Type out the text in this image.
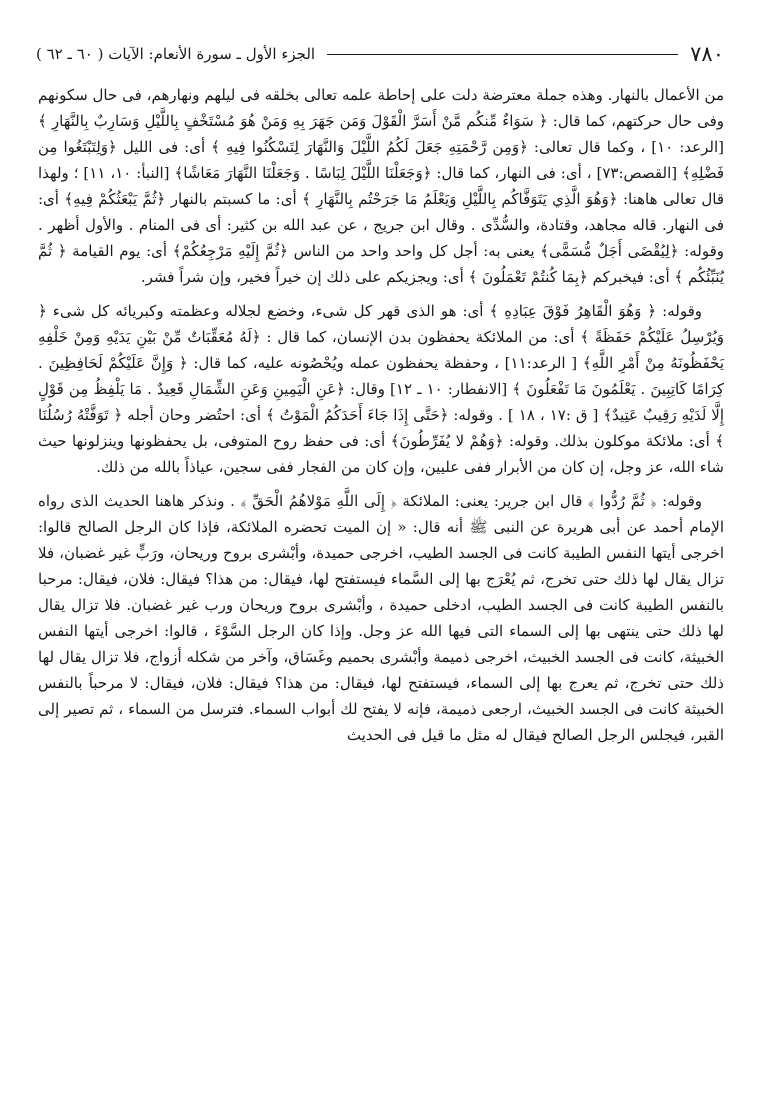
٧٨٠
الجزء الأول ـ سورة الأنعام: الآيات ( ٦٠ ـ ٦٢ )

من الأعمال بالنهار. وهذه جملة معترضة دلت على إحاطة علمه تعالى بخلقه فى ليلهم ونهارهم، فى حال سكونهم وفى حال حركتهم، كما قال: ﴿ سَوَاءٌ مِّنكُم مَّنْ أَسَرَّ الْقَوْلَ وَمَن جَهَرَ بِهِ وَمَنْ هُوَ مُسْتَخْفٍ بِاللَّيْلِ وَسَارِبٌ بِالنَّهَارِ ﴾ [الرعد: ١٠] ، وكما قال تعالى: ﴿وَمِن رَّحْمَتِهِ جَعَلَ لَكُمُ اللَّيْلَ وَالنَّهَارَ لِتَسْكُنُوا فِيهِ ﴾ أى: فى الليل ﴿وَلِتَبْتَغُوا مِن فَضْلِهِ﴾ [القصص:٧٣] ، أى: فى النهار، كما قال: ﴿وَجَعَلْنَا اللَّيْلَ لِبَاسًا . وَجَعَلْنَا النَّهَارَ مَعَاشًا﴾ [النبأ: ١٠، ١١] ؛ ولهذا قال تعالى هاهنا: ﴿وَهُوَ الَّذِي يَتَوَفَّاكُم بِاللَّيْلِ وَيَعْلَمُ مَا جَرَحْتُم بِالنَّهَارِ ﴾ أى: ما كسبتم بالنهار ﴿ثُمَّ يَبْعَثُكُمْ فِيهِ﴾ أى: فى النهار. قاله مجاهد، وقتادة، والسُّدِّى . وقال ابن جريج ، عن عبد الله بن كثير: أى فى المنام . والأول أظهر . وقوله: ﴿لِيُقْضَى أَجَلٌ مُّسَمًّى﴾ يعنى به: أجل كل واحد واحد من الناس ﴿ثُمَّ إِلَيْهِ مَرْجِعُكُمْ﴾ أى: يوم القيامة ﴿ ثُمَّ يُنَبِّئُكُم ﴾ أى: فيخبركم ﴿بِمَا كُنتُمْ تَعْمَلُونَ ﴾ أى: ويجزيكم على ذلك إن خيراً فخير، وإن شراً فشر.

وقوله: ﴿ وَهُوَ الْقَاهِرُ فَوْقَ عِبَادِهِ ﴾ أى: هو الذى قهر كل شىء، وخضع لجلاله وعظمته وكبريائه كل شىء ﴿ وَيُرْسِلُ عَلَيْكُمْ حَفَظَةً ﴾ أى: من الملائكة يحفظون بدن الإنسان، كما قال : ﴿لَهُ مُعَقِّبَاتٌ مِّنْ بَيْنِ يَدَيْهِ وَمِنْ خَلْفِهِ يَحْفَظُونَهُ مِنْ أَمْرِ اللَّهِ﴾ [ الرعد:١١] ، وحفظة يحفظون عمله ويُحْصُونه عليه، كما قال: ﴿ وَإِنَّ عَلَيْكُمْ لَحَافِظِينَ . كِرَامًا كَاتِبِينَ . يَعْلَمُونَ مَا تَفْعَلُونَ ﴾ [الانفطار: ١٠ ـ ١٢] وقال: ﴿عَنِ الْيَمِينِ وَعَنِ الشِّمَالِ قَعِيدٌ . مَا يَلْفِظُ مِن قَوْلٍ إِلَّا لَدَيْهِ رَقِيبٌ عَتِيدٌ﴾ [ ق :١٧ ، ١٨ ] . وقوله: ﴿حَتَّى إِذَا جَاءَ أَحَدَكُمُ الْمَوْتُ ﴾ أى: احتُضر وحان أجله ﴿ تَوَفَّتْهُ رُسُلُنَا ﴾ أى: ملائكة موكلون بذلك. وقوله: ﴿وَهُمْ لا يُفَرِّطُونَ﴾ أى: فى حفظ روح المتوفى، بل يحفظونها وينزلونها حيث شاء الله، عز وجل، إن كان من الأبرار ففى عليين، وإن كان من الفجار ففى سجين، عياذاً بالله من ذلك.

وقوله: ﴿ ثُمَّ رُدُّوا ﴾ قال ابن جرير: يعنى: الملائكة ﴿ إِلَى اللَّهِ مَوْلاهُمُ الْحَقِّ ﴾ . ونذكر هاهنا الحديث الذى رواه الإمام أحمد عن أبى هريرة عن النبى ﷺ أنه قال: « إن الميت تحضره الملائكة، فإذا كان الرجل الصالح قالوا: اخرجى أيتها النفس الطيبة كانت فى الجسد الطيب، اخرجى حميدة، وأبْشرى بروح وريحان، ورَبٍّ غير غضبان، فلا تزال يقال لها ذلك حتى تخرج، ثم يُعْرَج بها إلى السَّماء فيستفتح لها، فيقال: من هذا؟ فيقال: فلان، فيقال: مرحبا بالنفس الطيبة كانت فى الجسد الطيب، ادخلى حميدة ، وأبْشرى بروح وريحان ورب غير غضبان. فلا تزال يقال لها ذلك حتى ينتهى بها إلى السماء التى فيها الله عز وجل. وإذا كان الرجل السَّوْءَ ، قالوا: اخرجى أيتها النفس الخبيثة، كانت فى الجسد الخبيث، اخرجى ذميمة وأبْشرى بحميم وغَسَاق، وآخر من شكله أزواج، فلا تزال يقال لها ذلك حتى تخرج، ثم يعرج بها إلى السماء، فيستفتح لها، فيقال: من هذا؟ فيقال: فلان، فيقال: لا مرحباً بالنفس الخبيثة كانت فى الجسد الخبيث، ارجعى ذميمة، فإنه لا يفتح لك أبواب السماء. فترسل من السماء ، ثم تصير إلى القبر، فيجلس الرجل الصالح فيقال له مثل ما قيل فى الحديث
